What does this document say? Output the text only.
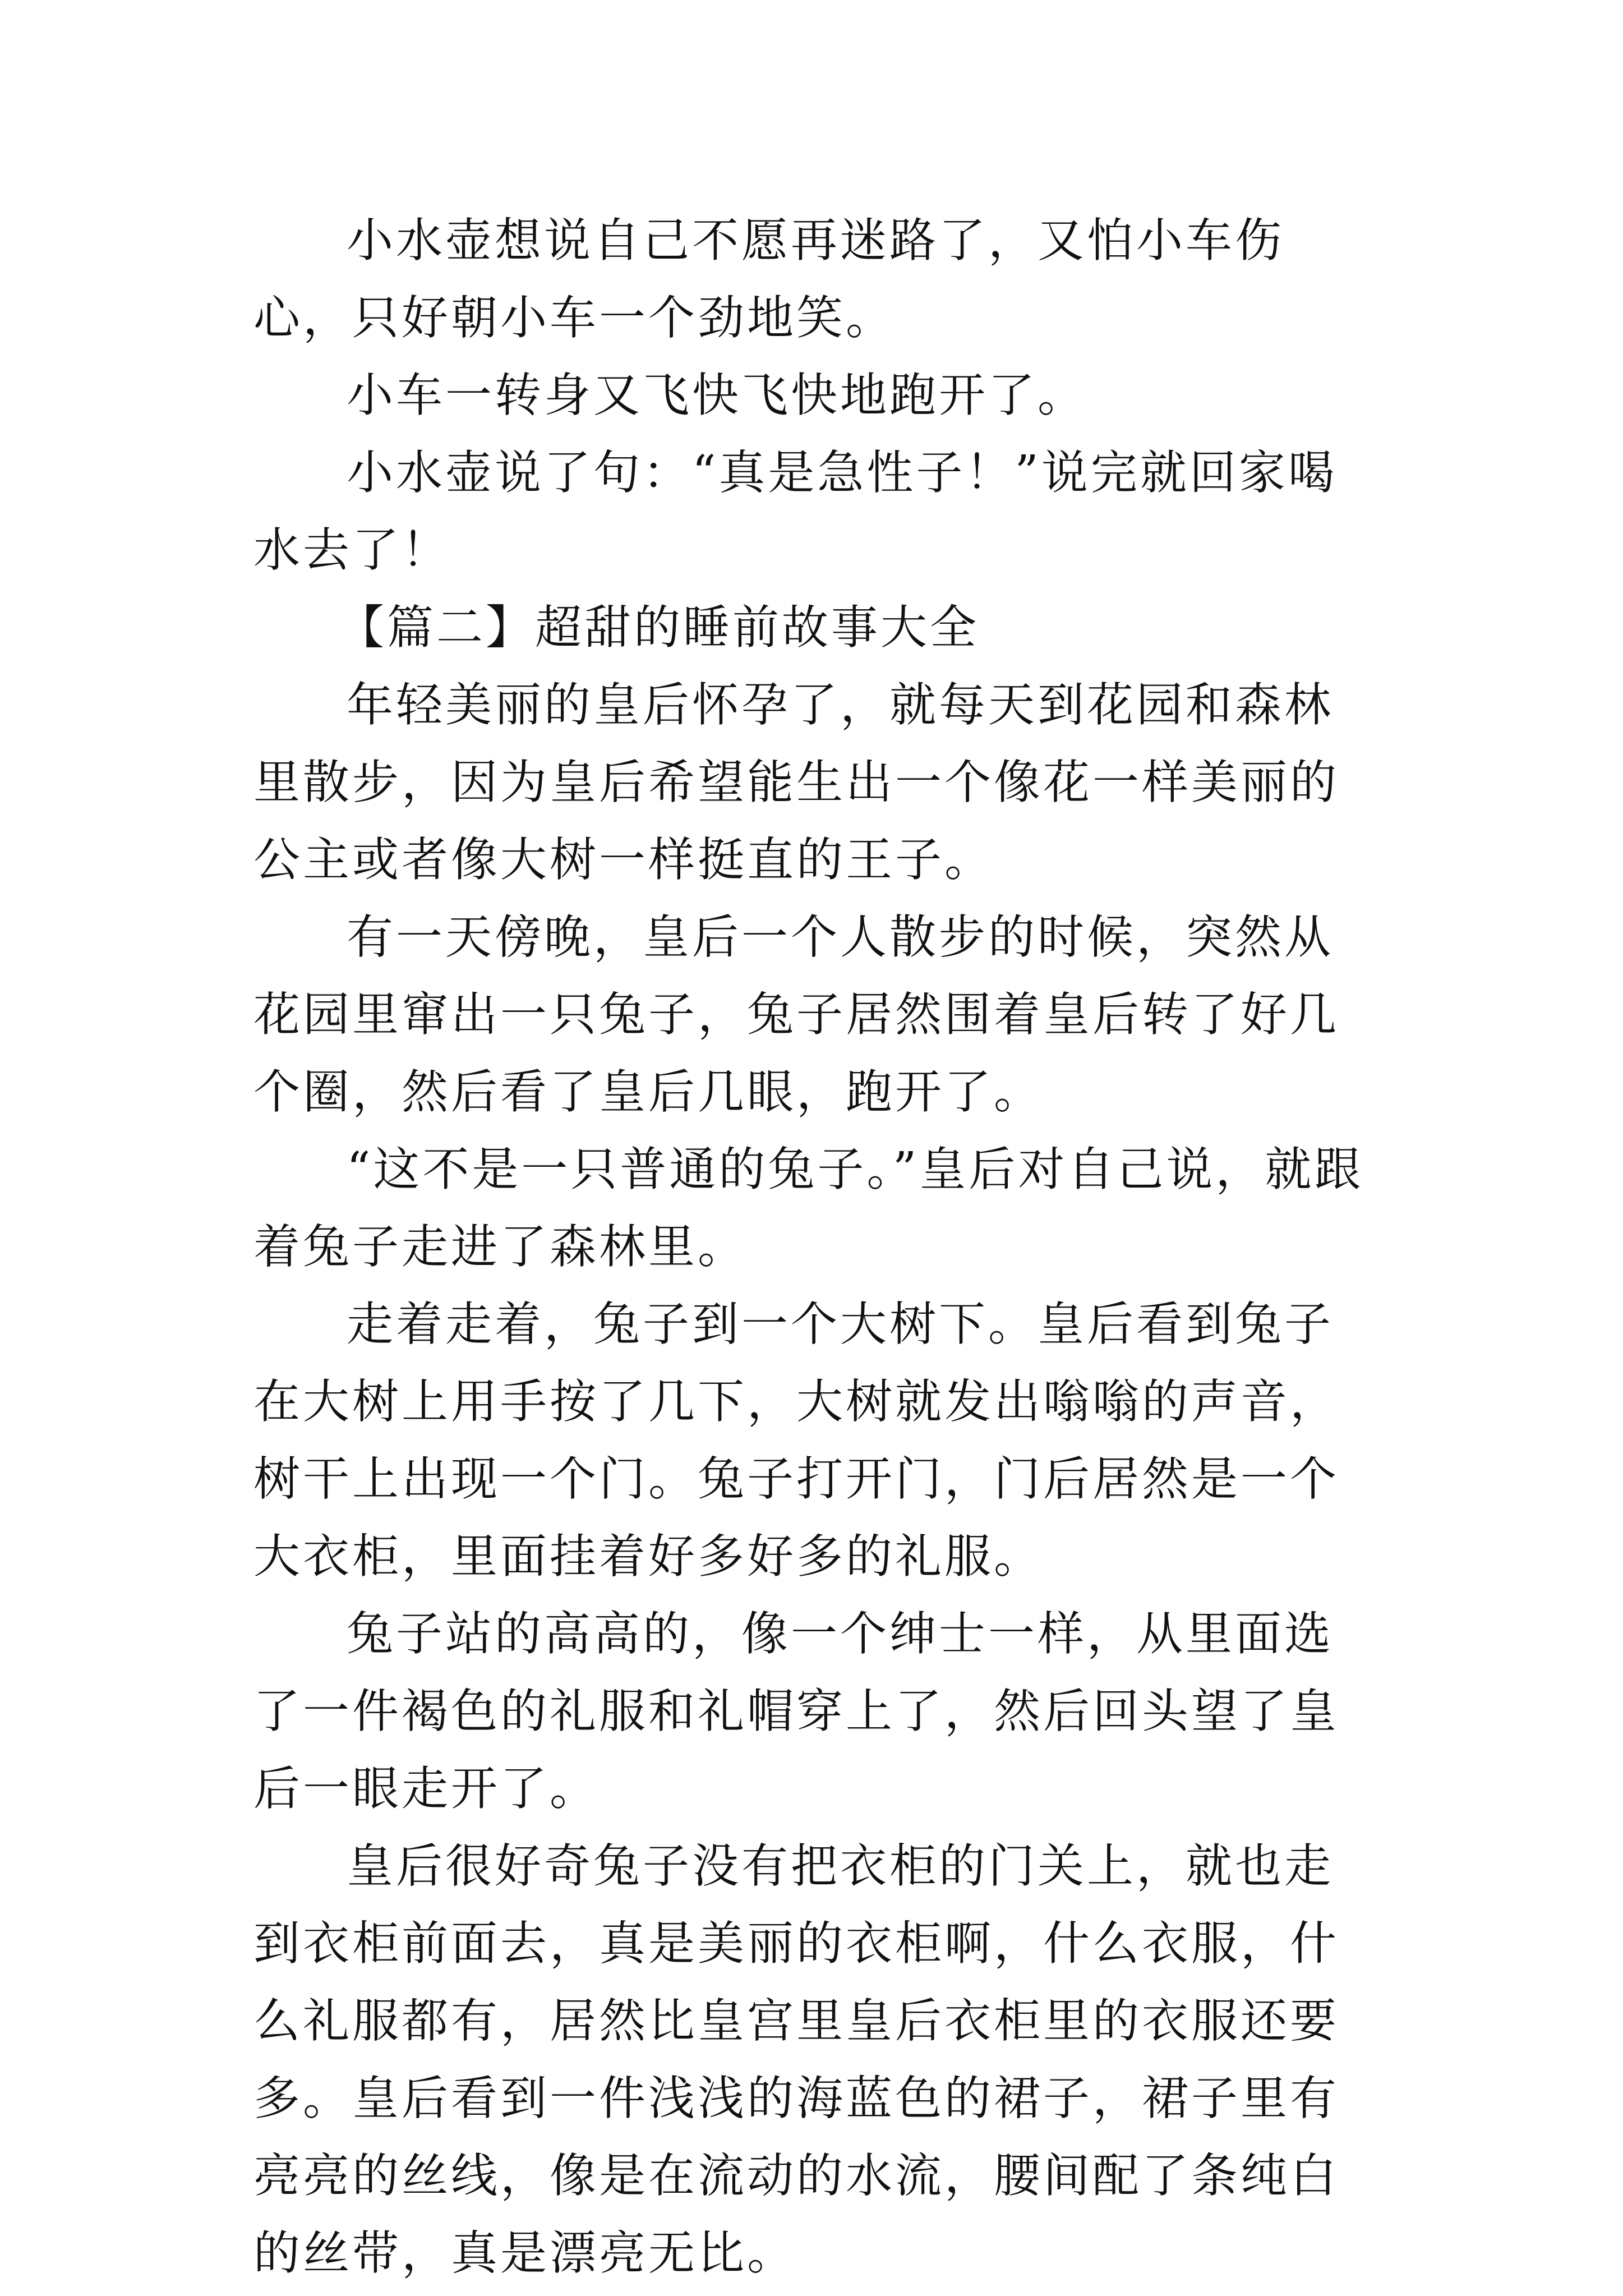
小水壶想说自己不愿再迷路了，又怕小车伤心，只好朝小车一个劲地笑。

小车一转身又飞快飞快地跑开了。

小水壶说了句：“真是急性子！”说完就回家喝水去了！

【篇二】超甜的睡前故事大全

年轻美丽的皇后怀孕了，就每天到花园和森林里散步，因为皇后希望能生出一个像花一样美丽的公主或者像大树一样挺直的王子。

有一天傍晚，皇后一个人散步的时候，突然从花园里窜出一只兔子，兔子居然围着皇后转了好几个圈，然后看了皇后几眼，跑开了。

“这不是一只普通的兔子。”皇后对自己说，就跟着兔子走进了森林里。

走着走着，兔子到一个大树下。皇后看到兔子在大树上用手按了几下，大树就发出嗡嗡的声音，树干上出现一个门。兔子打开门，门后居然是一个大衣柜，里面挂着好多好多的礼服。

兔子站的高高的，像一个绅士一样，从里面选了一件褐色的礼服和礼帽穿上了，然后回头望了皇后一眼走开了。

皇后很好奇兔子没有把衣柜的门关上，就也走到衣柜前面去，真是美丽的衣柜啊，什么衣服，什么礼服都有，居然比皇宫里皇后衣柜里的衣服还要多。皇后看到一件浅浅的海蓝色的裙子，裙子里有亮亮的丝线，像是在流动的水流，腰间配了条纯白的丝带，真是漂亮无比。
